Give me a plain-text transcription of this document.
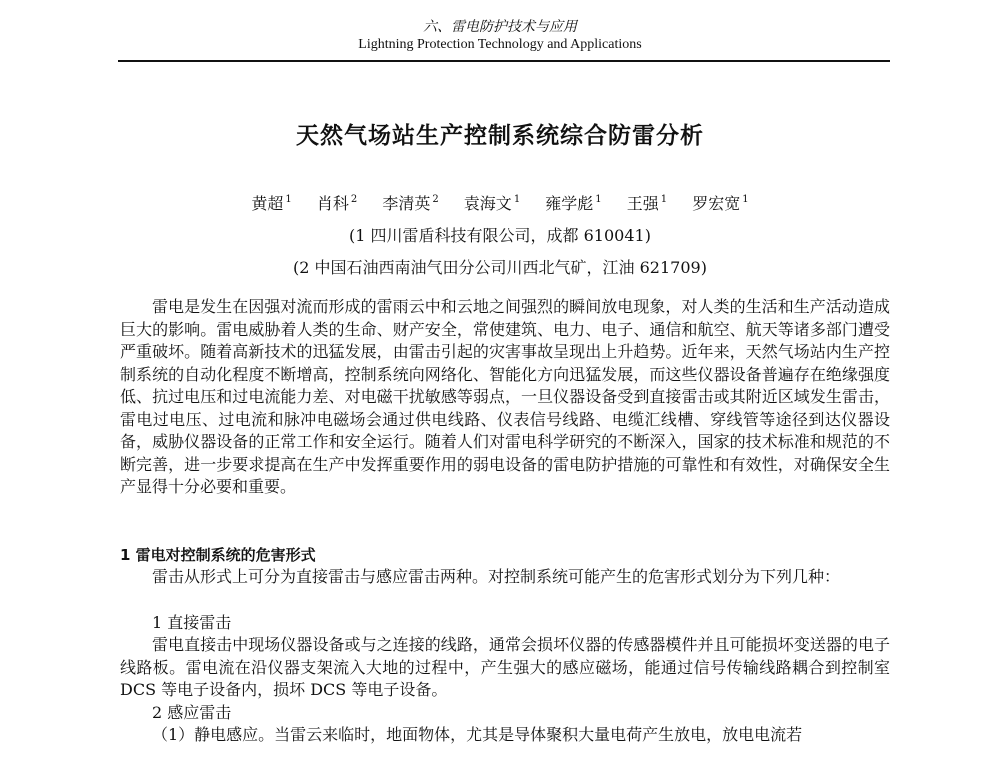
六、雷电防护技术与应用
Lightning Protection Technology and Applications
天然气场站生产控制系统综合防雷分析
黄超 $^1$ 肖科 $^2$ 李清英 $^2$ 袁海文 $^1$ 雍学彪 $^1$ 王强 $^1$ 罗宏宽 $^1$
(1 四川雷盾科技有限公司，成都 610041)
(2 中国石油西南油气田分公司川西北气矿，江油 621709)

雷电是发生在因强对流而形成的雷雨云中和云地之间强烈的瞬间放电现象，对人类的生活和生产活动造成巨大的影响。雷电威胁着人类的生命、财产安全，常使建筑、电力、电子、通信和航空、航天等诸多部门遭受严重破坏。随着高新技术的迅猛发展，由雷击引起的灾害事故呈现出上升趋势。近年来，天然气场站内生产控制系统的自动化程度不断增高，控制系统向网络化、智能化方向迅猛发展，而这些仪器设备普遍存在绝缘强度低、抗过电压和过电流能力差、对电磁干扰敏感等弱点，一旦仪器设备受到直接雷击或其附近区域发生雷击，雷电过电压、过电流和脉冲电磁场会通过供电线路、仪表信号线路、电缆汇线槽、穿线管等途径到达仪器设备，威胁仪器设备的正常工作和安全运行。随着人们对雷电科学研究的不断深入，国家的技术标准和规范的不断完善，进一步要求提高在生产中发挥重要作用的弱电设备的雷电防护措施的可靠性和有效性，对确保安全生产显得十分必要和重要。

1 雷电对控制系统的危害形式

雷击从形式上可分为直接雷击与感应雷击两种。对控制系统可能产生的危害形式划分为下列几种：

1 直接雷击

雷电直接击中现场仪器设备或与之连接的线路，通常会损坏仪器的传感器模件并且可能损坏变送器的电子线路板。雷电流在沿仪器支架流入大地的过程中，产生强大的感应磁场，能通过信号传输线路耦合到控制室 DCS 等电子设备内，损坏 DCS 等电子设备。

2 感应雷击

（1）静电感应。当雷云来临时，地面物体，尤其是导体聚积大量电荷产生放电，放电电流若
